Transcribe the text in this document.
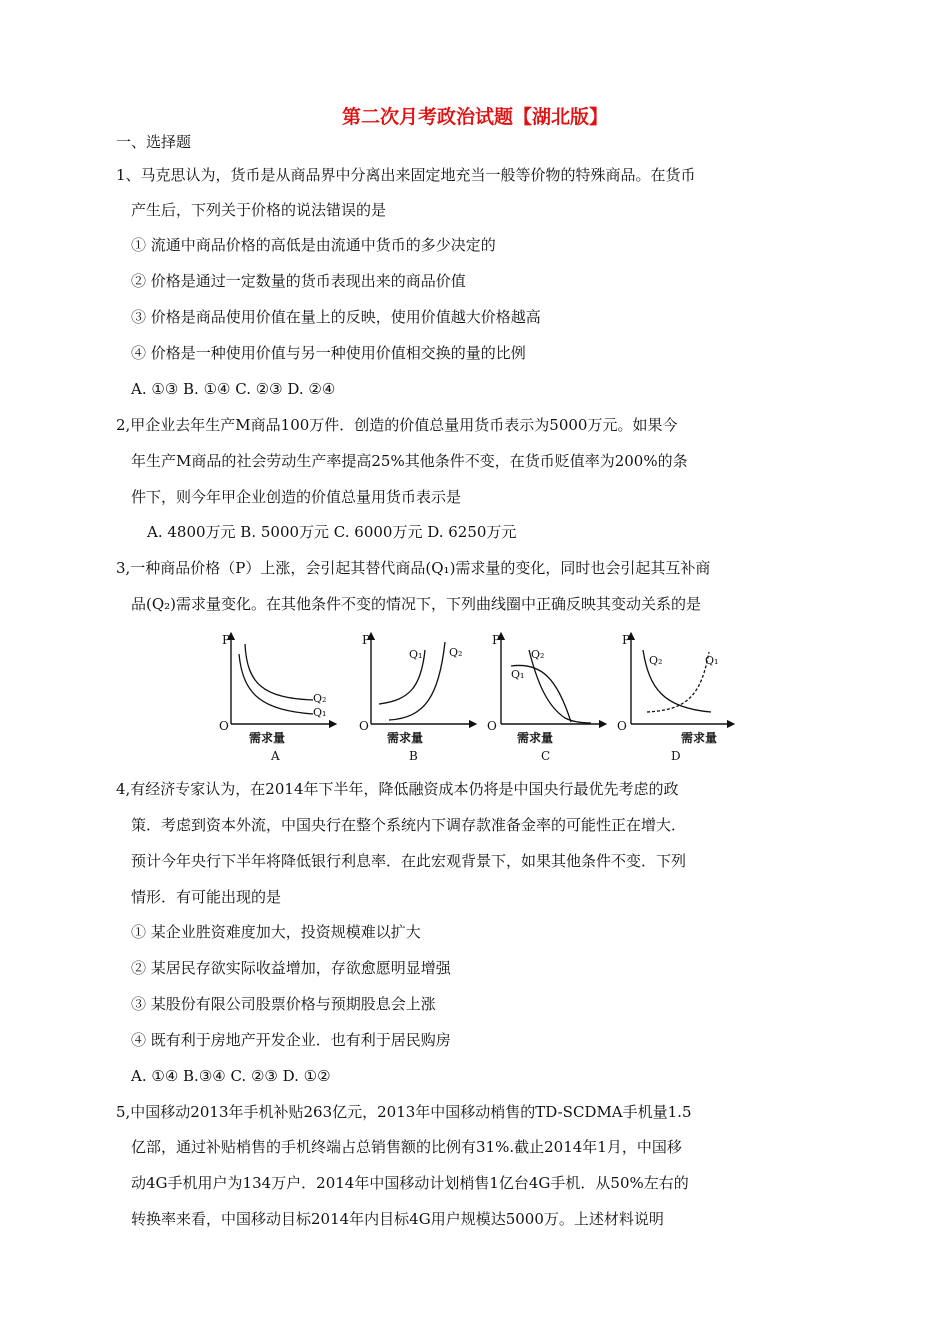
第二次月考政治试题【湖北版】
一、选择题
1、马克思认为，货币是从商品界中分离出来固定地充当一般等价物的特殊商品。在货币
产生后，下列关于价格的说法错误的是
① 流通中商品价格的高低是由流通中货币的多少决定的
② 价格是通过一定数量的货币表现出来的商品价值
③ 价格是商品使用价值在量上的反映，使用价值越大价格越高
④ 价格是一种使用价值与另一种使用价值相交换的量的比例
A. ①③ B. ①④ C. ②③ D. ②④
2,甲企业去年生产M商品100万件．创造的价值总量用货币表示为5000万元。如果今
年生产M商品的社会劳动生产率提高25%其他条件不变，在货币贬值率为200%的条
件下，则今年甲企业创造的价值总量用货币表示是
A. 4800万元 B. 5000万元 C. 6000万元 D. 6250万元
3,一种商品价格（P）上涨，会引起其替代商品(Q₁)需求量的变化，同时也会引起其互补商
品(Q₂)需求量变化。在其他条件不变的情况下，下列曲线圈中正确反映其变动关系的是
P
O
Q₂
Q₁
需求量
A
P
O
Q₁ Q₂
需求量
B
P
O
Q₁
Q₂
需求量
C
P
O
Q₂	Q₁
需求量
D
4,有经济专家认为，在2014年下半年，降低融资成本仍将是中国央行最优先考虑的政
策．考虑到资本外流，中国央行在整个系统内下调存款准备金率的可能性正在增大．
预计今年央行下半年将降低银行利息率．在此宏观背景下，如果其他条件不变．下列
情形．有可能出现的是
① 某企业胜资难度加大，投资规模难以扩大
② 某居民存欲实际收益增加，存欲愈愿明显增强
③ 某股份有限公司股票价格与预期股息会上涨
④ 既有利于房地产开发企业．也有利于居民购房
A. ①④ B.③④ C. ②③ D. ①②
5,中国移动2013年手机补贴263亿元，2013年中国移动梢售的TD-SCDMA手机量1.5
亿部，通过补贴梢售的手机终端占总销售额的比例有31%.截止2014年1月，中国移
动4G手机用户为134万户．2014年中国移动计划梢售1亿台4G手机．从50%左右的
转换率来看，中国移动目标2014年内目标4G用户规模达5000万。上述材料说明
